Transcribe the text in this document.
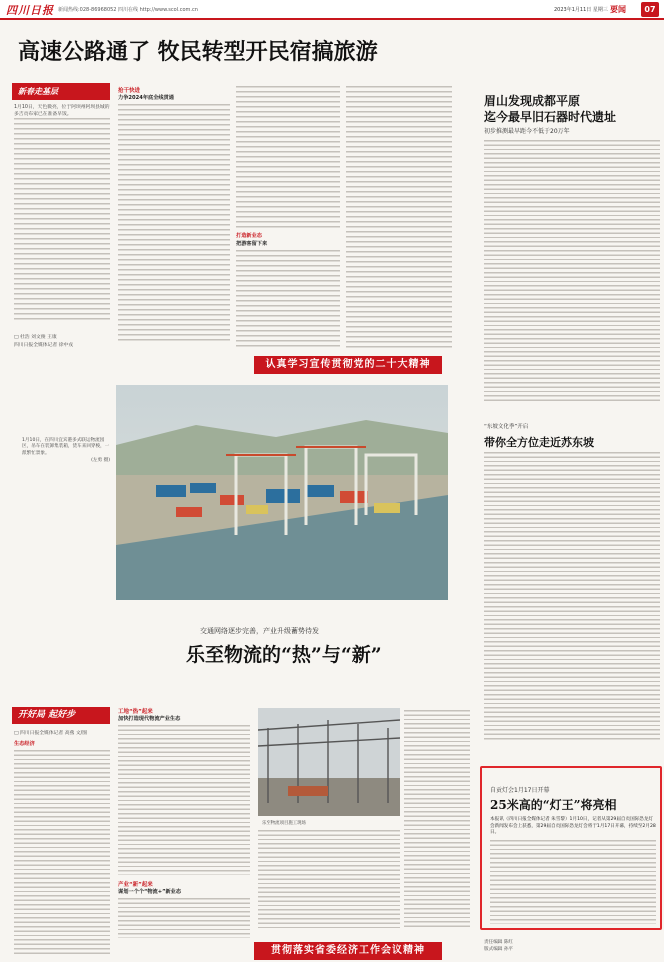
四川日报 新闻热线:028-86968052 四川在线 http://www.scol.com.cn	2023年1月11日 星期三 要闻	07
高速公路通了 牧民转型开民宿搞旅游
新春走基层
1月10日，天色微亮，位于阿坝州阿坝县城的多吉贡布家已在准备早饭。
□ 杜浩 刘文俊 王康
四川日报全媒体记者 徐中戎
抢干快进
力争2024年底全线贯通
打造新业态
把游客留下来
认真学习宣传贯彻党的二十大精神
1月10日，在四川宜宾港多式联运物流园区，吊车在装卸集装箱，货车来回穿梭，一派繁忙景象。
(左勇 摄)
交通网络逐步完善，产业升级蓄势待发
乐至物流的“热”与“新”
开好局 起好步
□ 四川日报全媒体记者 高燕 文/图
生态经济
工地“热”起来
加快打造现代物流产业生态
产业“新”起来
谋划一个个“物流+”新业态
乐至物流项目施工现场
贯彻落实省委经济工作会议精神
眉山发现成都平原
迄今最早旧石器时代遗址
初步推测最早距今不低于20万年
“东坡文化季”开启
带你全方位走近苏东坡
自贡灯会1月17日开幕
25米高的“灯王”将亮相
本报讯（四川日报全媒体记者 朱雪黎）1月10日，记者从第29届自贡国际恐龙灯会新闻发布会上获悉，第29届自贡国际恐龙灯会将于1月17日开幕，持续至2月28日。
责任编辑 陈红
版式编辑 孙平
